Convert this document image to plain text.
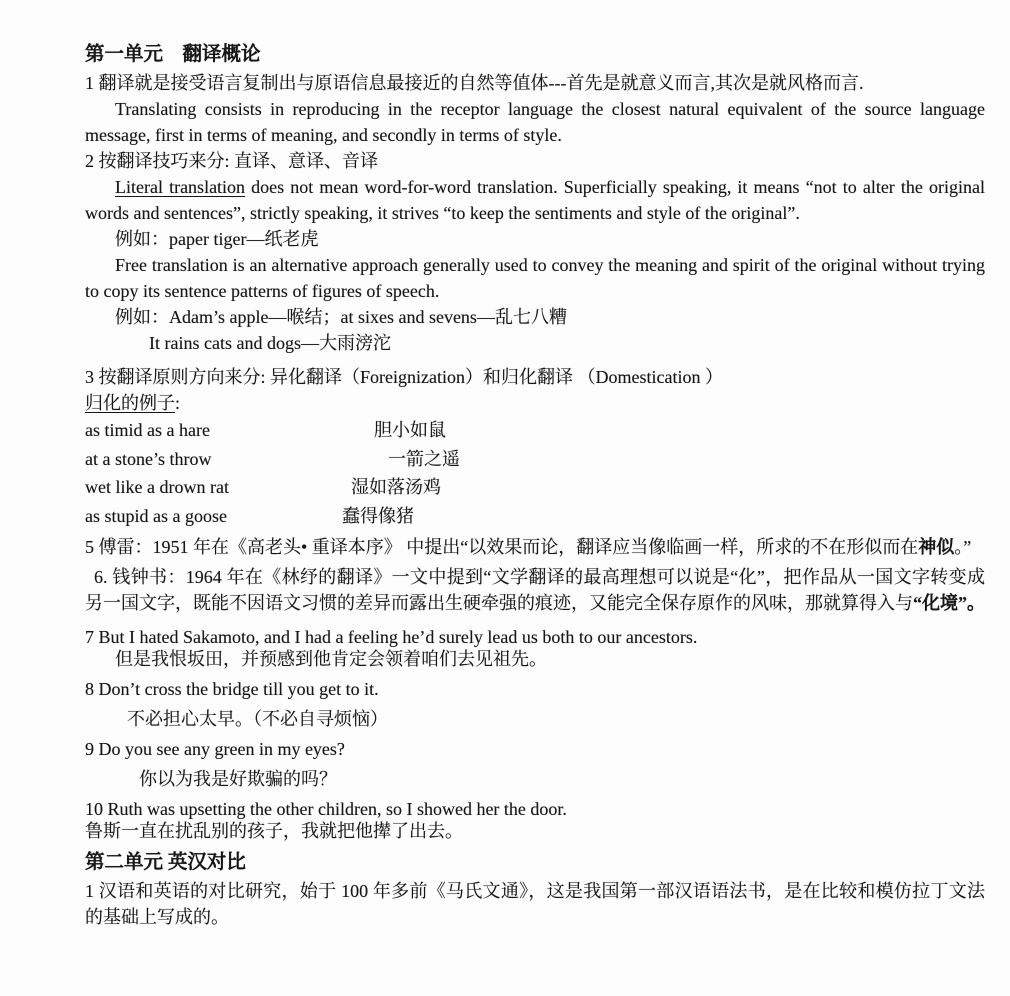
第一单元　翻译概论

1 翻译就是接受语言复制出与原语信息最接近的自然等值体---首先是就意义而言,其次是就风格而言.

Translating consists in reproducing in the receptor language the closest natural equivalent of the source language message, first in terms of meaning, and secondly in terms of style.

2 按翻译技巧来分: 直译、意译、音译

Literal translation does not mean word-for-word translation. Superficially speaking, it means “not to alter the original words and sentences”, strictly speaking, it strives “to keep the sentiments and style of the original”.

例如：paper tiger—纸老虎

Free translation is an alternative approach generally used to convey the meaning and spirit of the original without trying to copy its sentence patterns of figures of speech.

例如：Adam’s apple—喉结；at sixes and sevens—乱七八糟

It rains cats and dogs—大雨滂沱

3 按翻译原则方向来分: 异化翻译（Foreignization）和归化翻译 （Domestication ）

归化的例子:

as timid as a hare	胆小如鼠
at a stone’s throw	一箭之遥
wet like a drown rat	湿如落汤鸡
as stupid as a goose	蠢得像猪

5 傅雷：1951 年在《高老头• 重译本序》 中提出“以效果而论，翻译应当像临画一样，所求的不在形似而在神似。”

6. 钱钟书：1964 年在《林纾的翻译》一文中提到“文学翻译的最高理想可以说是“化”，把作品从一国文字转变成另一国文字，既能不因语文习惯的差异而露出生硬牵强的痕迹，又能完全保存原作的风味，那就算得入与“化境”。

7 But I hated Sakamoto, and I had a feeling he’d surely lead us both to our ancestors.

但是我恨坂田，并预感到他肯定会领着咱们去见祖先。

8 Don’t cross the bridge till you get to it.

不必担心太早。（不必自寻烦恼）

9 Do you see any green in my eyes?

你以为我是好欺骗的吗？

10 Ruth was upsetting the other children, so I showed her the door.

鲁斯一直在扰乱别的孩子，我就把他撵了出去。

第二单元 英汉对比

1 汉语和英语的对比研究，始于 100 年多前《马氏文通》，这是我国第一部汉语语法书，是在比较和模仿拉丁文法的基础上写成的。
